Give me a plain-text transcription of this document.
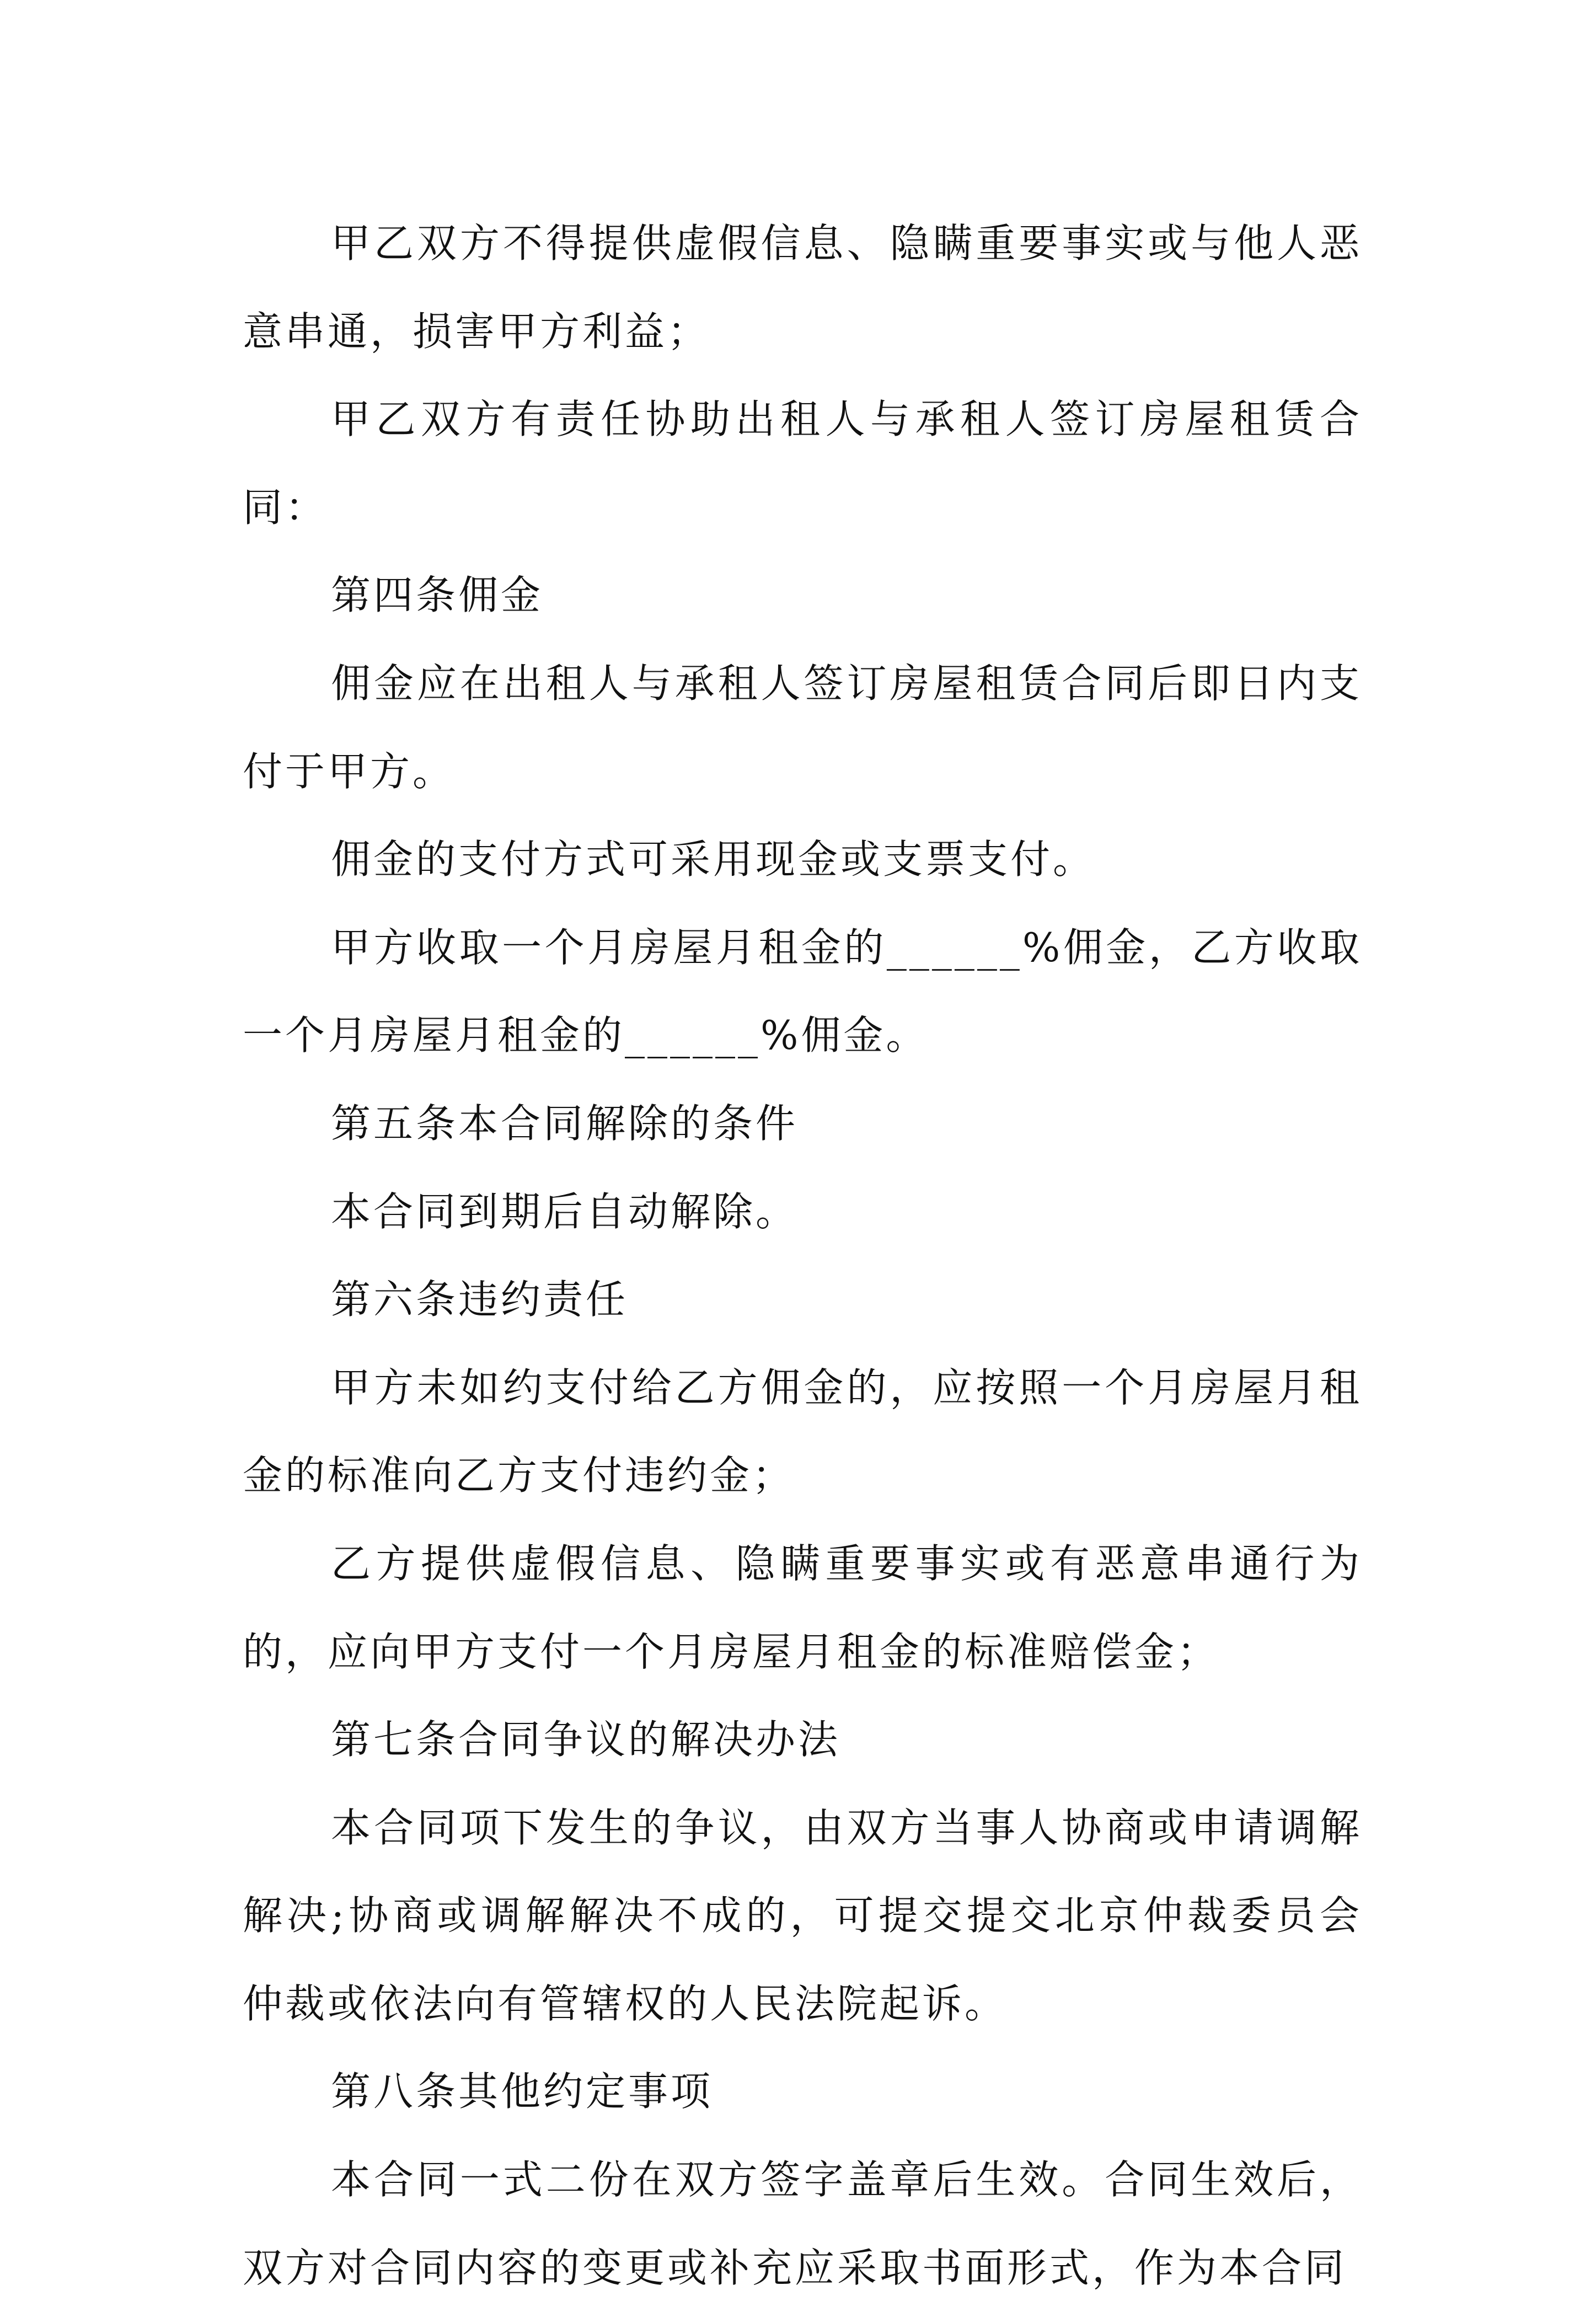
甲乙双方不得提供虚假信息、隐瞒重要事实或与他人恶意串通，损害甲方利益；

甲乙双方有责任协助出租人与承租人签订房屋租赁合同：

第四条佣金

佣金应在出租人与承租人签订房屋租赁合同后即日内支付于甲方。

佣金的支付方式可采用现金或支票支付。

甲方收取一个月房屋月租金的______%佣金，乙方收取一个月房屋月租金的______%佣金。

第五条本合同解除的条件

本合同到期后自动解除。

第六条违约责任

甲方未如约支付给乙方佣金的，应按照一个月房屋月租金的标准向乙方支付违约金；

乙方提供虚假信息、隐瞒重要事实或有恶意串通行为的，应向甲方支付一个月房屋月租金的标准赔偿金；

第七条合同争议的解决办法

本合同项下发生的争议，由双方当事人协商或申请调解解决;协商或调解解决不成的，可提交提交北京仲裁委员会仲裁或依法向有管辖权的人民法院起诉。

第八条其他约定事项

本合同一式二份在双方签字盖章后生效。合同生效后，双方对合同内容的变更或补充应采取书面形式，作为本合同
